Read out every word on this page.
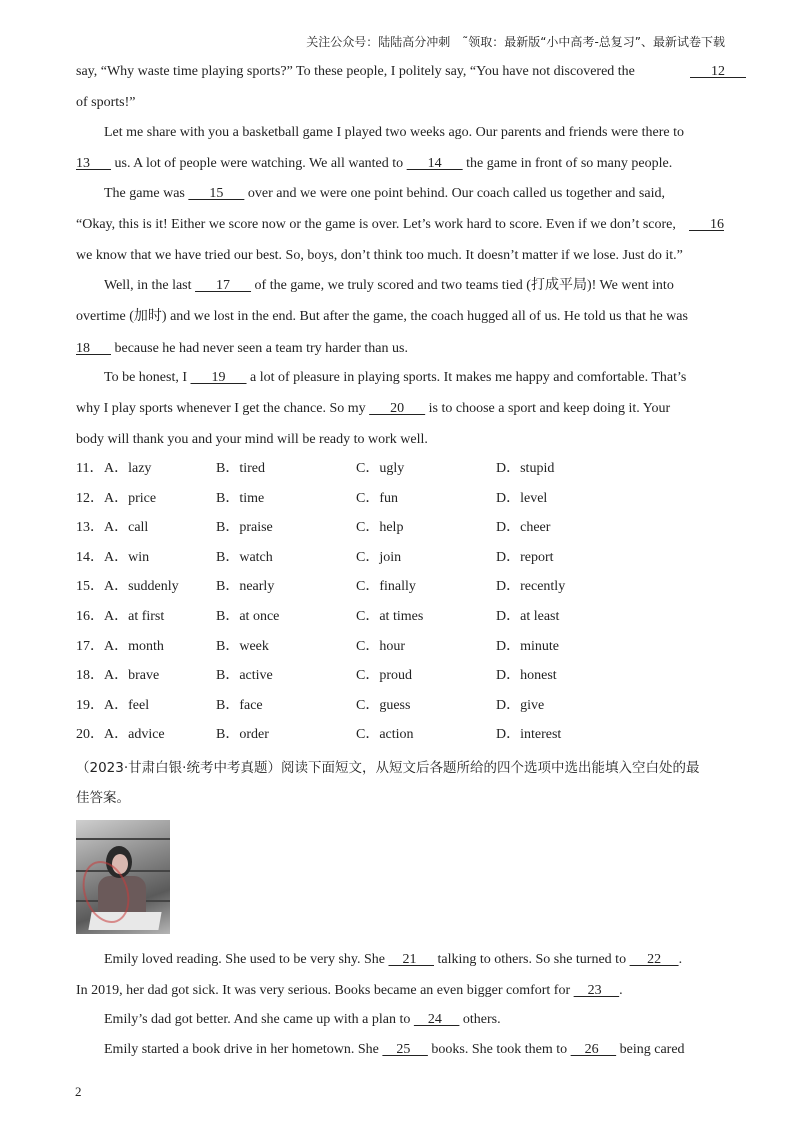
关注公众号：陆陆高分冲刺　˜领取：最新版“小中高考-总复习”、最新试卷下载
say, “Why waste time playing sports?” To these people, I politely say, “You have not discovered the	12
of sports!”
Let me share with you a basketball game I played two weeks ago. Our parents and friends were there to
13       us. A lot of people were watching. We all wanted to       14       the game in front of so many people.
The game was       15       over and we were one point behind. Our coach called us together and said,
“Okay, this is it! Either we score now or the game is over. Let’s work hard to score. Even if we don’t score, 16
we know that we have tried our best. So, boys, don’t think too much. It doesn’t matter if we lose. Just do it.”
Well, in the last       17       of the game, we truly scored and two teams tied (打成平局)! We went into
overtime (加时) and we lost in the end. But after the game, the coach hugged all of us. He told us that he was
18       because he had never seen a team try harder than us.
To be honest, I       19       a lot of pleasure in playing sports. It makes me happy and comfortable. That’s
why I play sports whenever I get the chance. So my       20       is to choose a sport and keep doing it. Your
body will thank you and your mind will be ready to work well.
11． A．lazy	B．tired	C．ugly	D．stupid
12． A．price	B．time	C．fun	D．level
13． A．call	B．praise	C．help	D．cheer
14． A．win	B．watch	C．join	D．report
15． A．suddenly	B．nearly	C．finally	D．recently
16． A．at first	B．at once	C．at times	D．at least
17． A．month	B．week	C．hour	D．minute
18． A．brave	B．active	C．proud	D．honest
19． A．feel	B．face	C．guess	D．give
20． A．advice	B．order	C．action	D．interest
（2023·甘肃白银·统考中考真题）阅读下面短文，从短文后各题所给的四个选项中选出能填入空白处的最
佳答案。
Emily loved reading. She used to be very shy. She     21      talking to others. So she turned to      22     .
In 2019, her dad got sick. It was very serious. Books became an even bigger comfort for     23     .
Emily’s dad got better. And she came up with a plan to     24      others.
Emily started a book drive in her hometown. She     25      books. She took them to     26      being cared
2
